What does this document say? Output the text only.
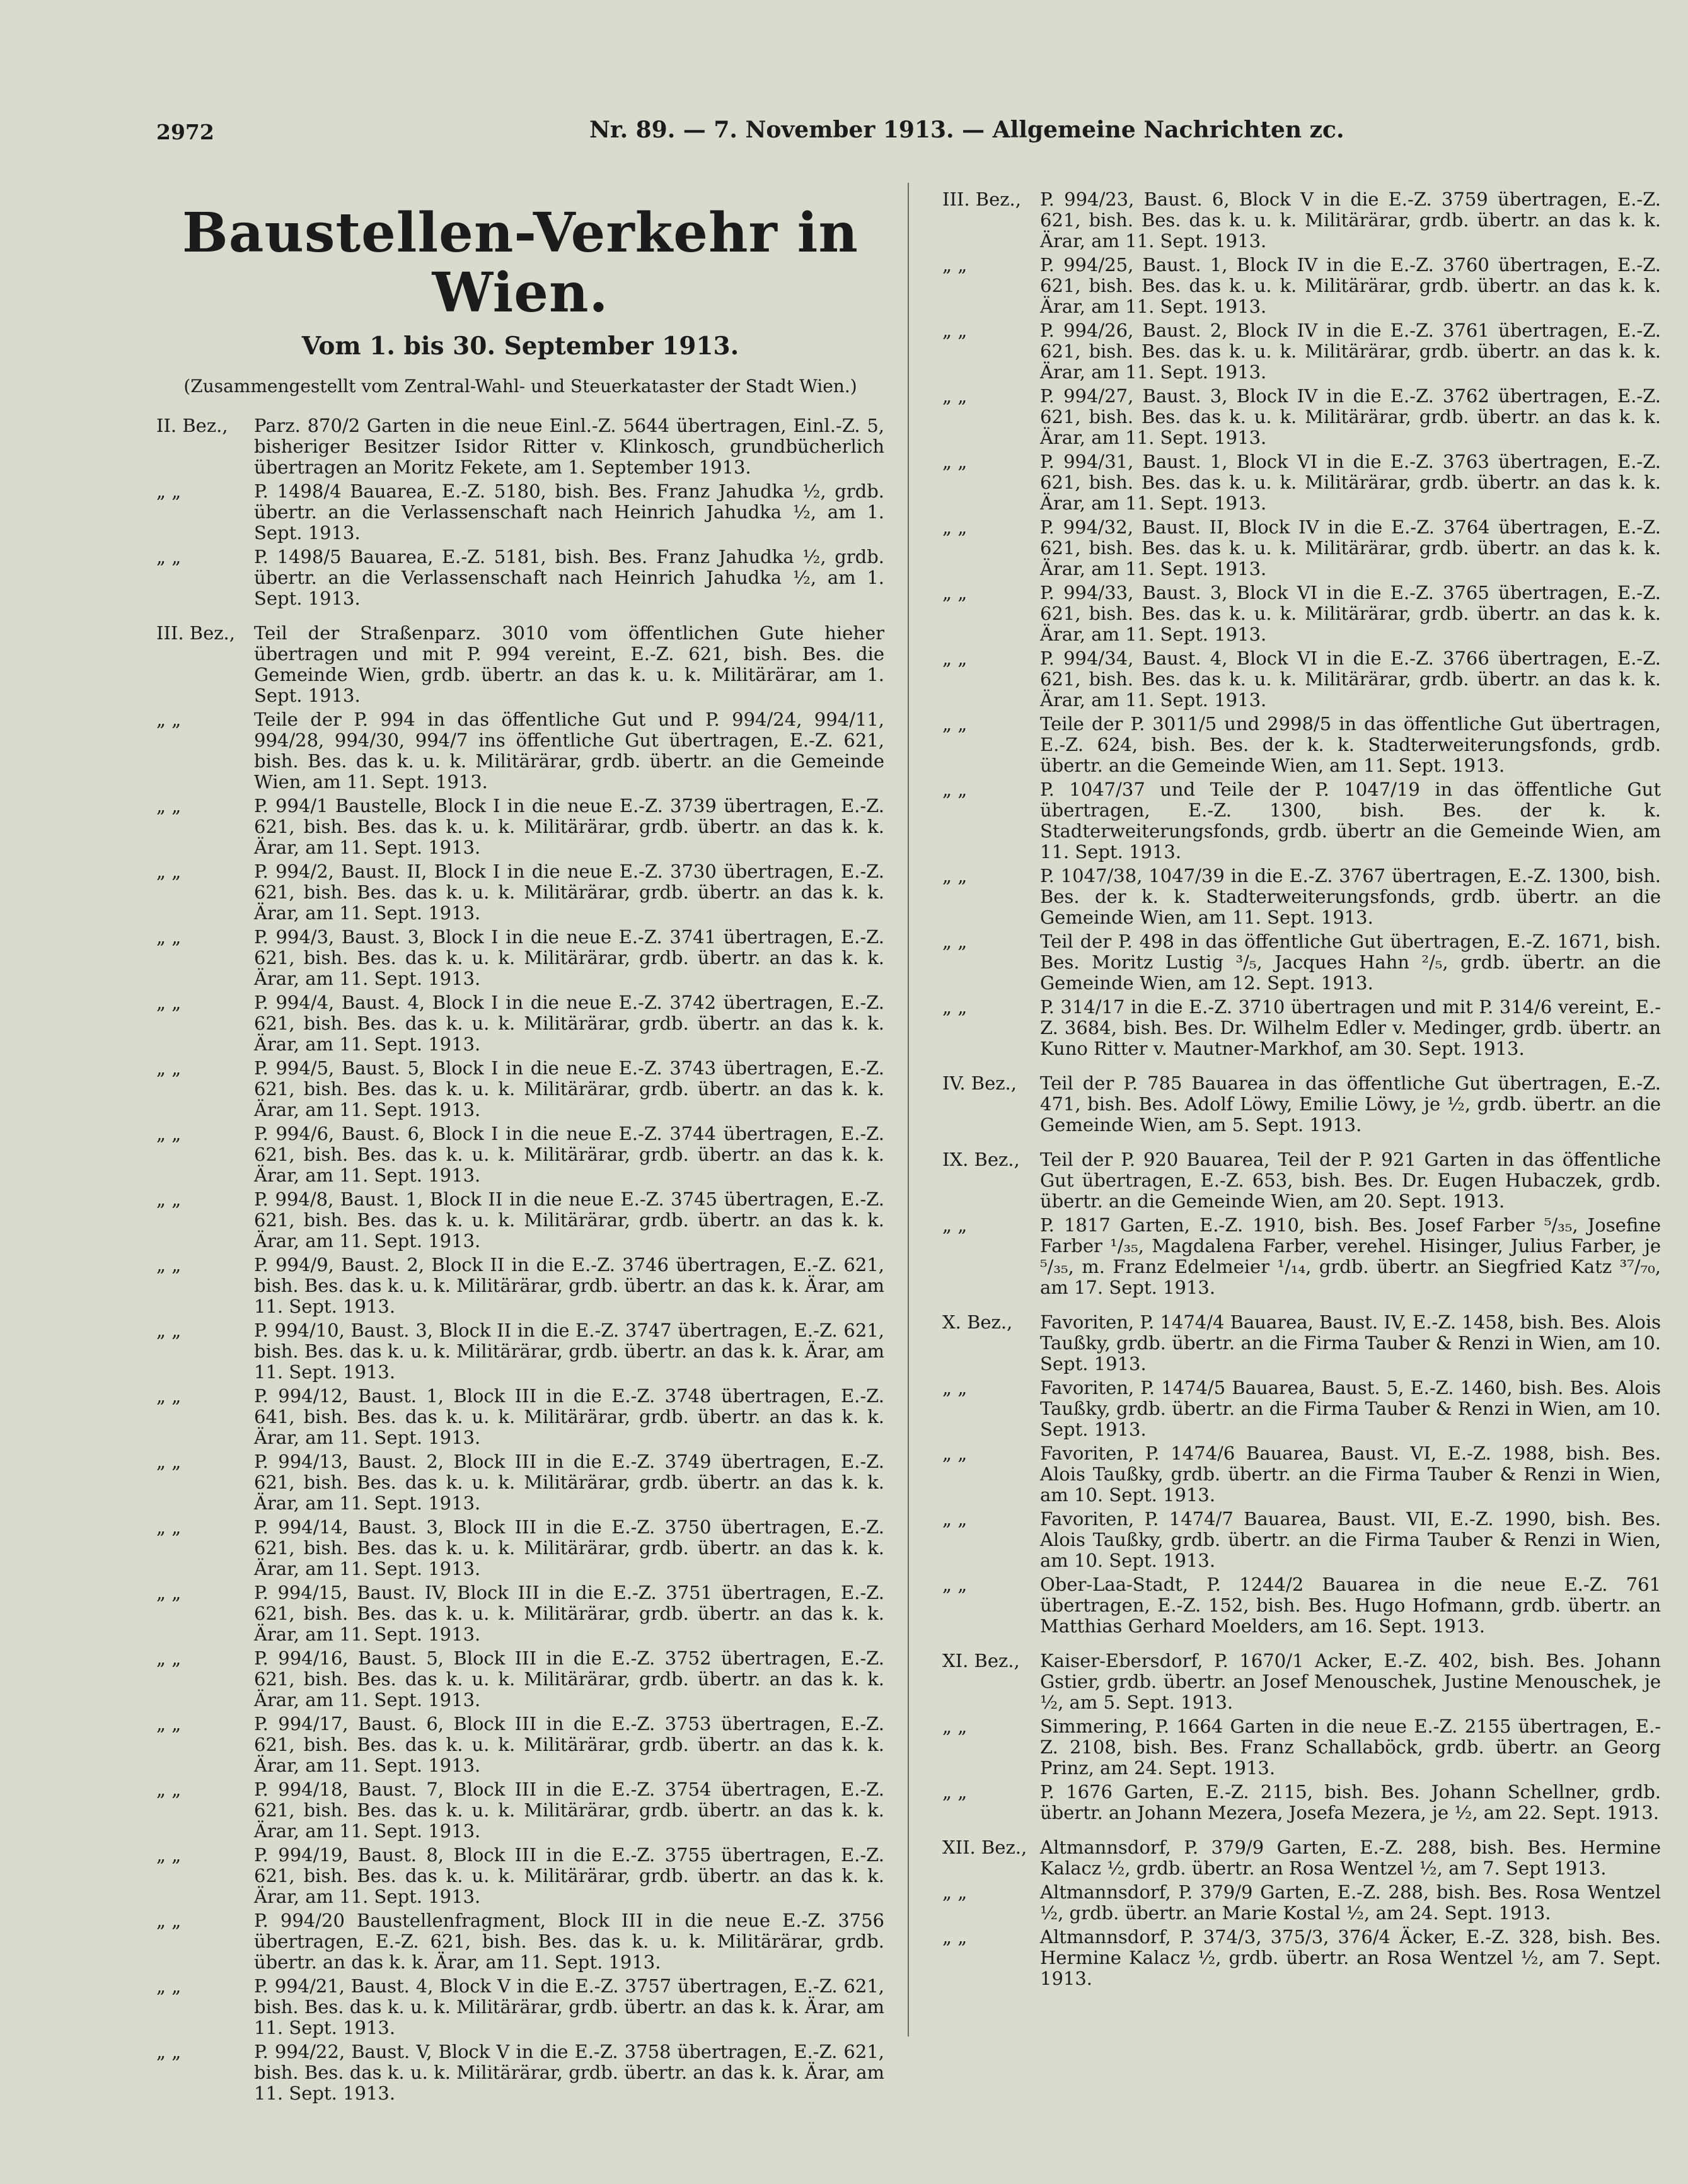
2972	Nr. 89. — 7. November 1913. — Allgemeine Nachrichten zc.
Baustellen-Verkehr in Wien.
Vom 1. bis 30. September 1913.
(Zusammengestellt vom Zentral-Wahl- und Steuerkataster der Stadt Wien.)
II. Bez.,	Parz. 870/2 Garten in die neue Einl.-Z. 5644 übertragen, Einl.-Z. 5, bisheriger Besitzer Isidor Ritter v. Klinkosch, grundbücherlich übertragen an Moritz Fekete, am 1. September 1913.
„ „	P. 1498/4 Bauarea, E.-Z. 5180, bish. Bes. Franz Jahudka ½, grdb. übertr. an die Verlassenschaft nach Heinrich Jahudka ½, am 1. Sept. 1913.
„ „	P. 1498/5 Bauarea, E.-Z. 5181, bish. Bes. Franz Jahudka ½, grdb. übertr. an die Verlassenschaft nach Heinrich Jahudka ½, am 1. Sept. 1913.
III. Bez.,	Teil der Straßenparz. 3010 vom öffentlichen Gute hieher übertragen und mit P. 994 vereint, E.-Z. 621, bish. Bes. die Gemeinde Wien, grdb. übertr. an das k. u. k. Militärärar, am 1. Sept. 1913.
„ „	Teile der P. 994 in das öffentliche Gut und P. 994/24, 994/11, 994/28, 994/30, 994/7 ins öffentliche Gut übertragen, E.-Z. 621, bish. Bes. das k. u. k. Militärärar, grdb. übertr. an die Gemeinde Wien, am 11. Sept. 1913.
„ „	P. 994/1 Baustelle, Block I in die neue E.-Z. 3739 übertragen, E.-Z. 621, bish. Bes. das k. u. k. Militärärar, grdb. übertr. an das k. k. Ärar, am 11. Sept. 1913.
„ „	P. 994/2, Baust. II, Block I in die neue E.-Z. 3730 übertragen, E.-Z. 621, bish. Bes. das k. u. k. Militärärar, grdb. übertr. an das k. k. Ärar, am 11. Sept. 1913.
„ „	P. 994/3, Baust. 3, Block I in die neue E.-Z. 3741 übertragen, E.-Z. 621, bish. Bes. das k. u. k. Militärärar, grdb. übertr. an das k. k. Ärar, am 11. Sept. 1913.
„ „	P. 994/4, Baust. 4, Block I in die neue E.-Z. 3742 übertragen, E.-Z. 621, bish. Bes. das k. u. k. Militärärar, grdb. übertr. an das k. k. Ärar, am 11. Sept. 1913.
„ „	P. 994/5, Baust. 5, Block I in die neue E.-Z. 3743 übertragen, E.-Z. 621, bish. Bes. das k. u. k. Militärärar, grdb. übertr. an das k. k. Ärar, am 11. Sept. 1913.
„ „	P. 994/6, Baust. 6, Block I in die neue E.-Z. 3744 übertragen, E.-Z. 621, bish. Bes. das k. u. k. Militärärar, grdb. übertr. an das k. k. Ärar, am 11. Sept. 1913.
„ „	P. 994/8, Baust. 1, Block II in die neue E.-Z. 3745 übertragen, E.-Z. 621, bish. Bes. das k. u. k. Militärärar, grdb. übertr. an das k. k. Ärar, am 11. Sept. 1913.
„ „	P. 994/9, Baust. 2, Block II in die E.-Z. 3746 übertragen, E.-Z. 621, bish. Bes. das k. u. k. Militärärar, grdb. übertr. an das k. k. Ärar, am 11. Sept. 1913.
„ „	P. 994/10, Baust. 3, Block II in die E.-Z. 3747 übertragen, E.-Z. 621, bish. Bes. das k. u. k. Militärärar, grdb. übertr. an das k. k. Ärar, am 11. Sept. 1913.
„ „	P. 994/12, Baust. 1, Block III in die E.-Z. 3748 übertragen, E.-Z. 641, bish. Bes. das k. u. k. Militärärar, grdb. übertr. an das k. k. Ärar, am 11. Sept. 1913.
„ „	P. 994/13, Baust. 2, Block III in die E.-Z. 3749 übertragen, E.-Z. 621, bish. Bes. das k. u. k. Militärärar, grdb. übertr. an das k. k. Ärar, am 11. Sept. 1913.
„ „	P. 994/14, Baust. 3, Block III in die E.-Z. 3750 übertragen, E.-Z. 621, bish. Bes. das k. u. k. Militärärar, grdb. übertr. an das k. k. Ärar, am 11. Sept. 1913.
„ „	P. 994/15, Baust. IV, Block III in die E.-Z. 3751 übertragen, E.-Z. 621, bish. Bes. das k. u. k. Militärärar, grdb. übertr. an das k. k. Ärar, am 11. Sept. 1913.
„ „	P. 994/16, Baust. 5, Block III in die E.-Z. 3752 übertragen, E.-Z. 621, bish. Bes. das k. u. k. Militärärar, grdb. übertr. an das k. k. Ärar, am 11. Sept. 1913.
„ „	P. 994/17, Baust. 6, Block III in die E.-Z. 3753 übertragen, E.-Z. 621, bish. Bes. das k. u. k. Militärärar, grdb. übertr. an das k. k. Ärar, am 11. Sept. 1913.
„ „	P. 994/18, Baust. 7, Block III in die E.-Z. 3754 übertragen, E.-Z. 621, bish. Bes. das k. u. k. Militärärar, grdb. übertr. an das k. k. Ärar, am 11. Sept. 1913.
„ „	P. 994/19, Baust. 8, Block III in die E.-Z. 3755 übertragen, E.-Z. 621, bish. Bes. das k. u. k. Militärärar, grdb. übertr. an das k. k. Ärar, am 11. Sept. 1913.
„ „	P. 994/20 Baustellenfragment, Block III in die neue E.-Z. 3756 übertragen, E.-Z. 621, bish. Bes. das k. u. k. Militärärar, grdb. übertr. an das k. k. Ärar, am 11. Sept. 1913.
„ „	P. 994/21, Baust. 4, Block V in die E.-Z. 3757 übertragen, E.-Z. 621, bish. Bes. das k. u. k. Militärärar, grdb. übertr. an das k. k. Ärar, am 11. Sept. 1913.
„ „	P. 994/22, Baust. V, Block V in die E.-Z. 3758 übertragen, E.-Z. 621, bish. Bes. das k. u. k. Militärärar, grdb. übertr. an das k. k. Ärar, am 11. Sept. 1913.
III. Bez.,	P. 994/23, Baust. 6, Block V in die E.-Z. 3759 übertragen, E.-Z. 621, bish. Bes. das k. u. k. Militärärar, grdb. übertr. an das k. k. Ärar, am 11. Sept. 1913.
„ „	P. 994/25, Baust. 1, Block IV in die E.-Z. 3760 übertragen, E.-Z. 621, bish. Bes. das k. u. k. Militärärar, grdb. übertr. an das k. k. Ärar, am 11. Sept. 1913.
„ „	P. 994/26, Baust. 2, Block IV in die E.-Z. 3761 übertragen, E.-Z. 621, bish. Bes. das k. u. k. Militärärar, grdb. übertr. an das k. k. Ärar, am 11. Sept. 1913.
„ „	P. 994/27, Baust. 3, Block IV in die E.-Z. 3762 übertragen, E.-Z. 621, bish. Bes. das k. u. k. Militärärar, grdb. übertr. an das k. k. Ärar, am 11. Sept. 1913.
„ „	P. 994/31, Baust. 1, Block VI in die E.-Z. 3763 übertragen, E.-Z. 621, bish. Bes. das k. u. k. Militärärar, grdb. übertr. an das k. k. Ärar, am 11. Sept. 1913.
„ „	P. 994/32, Baust. II, Block IV in die E.-Z. 3764 übertragen, E.-Z. 621, bish. Bes. das k. u. k. Militärärar, grdb. übertr. an das k. k. Ärar, am 11. Sept. 1913.
„ „	P. 994/33, Baust. 3, Block VI in die E.-Z. 3765 übertragen, E.-Z. 621, bish. Bes. das k. u. k. Militärärar, grdb. übertr. an das k. k. Ärar, am 11. Sept. 1913.
„ „	P. 994/34, Baust. 4, Block VI in die E.-Z. 3766 übertragen, E.-Z. 621, bish. Bes. das k. u. k. Militärärar, grdb. übertr. an das k. k. Ärar, am 11. Sept. 1913.
„ „	Teile der P. 3011/5 und 2998/5 in das öffentliche Gut übertragen, E.-Z. 624, bish. Bes. der k. k. Stadterweiterungsfonds, grdb. übertr. an die Gemeinde Wien, am 11. Sept. 1913.
„ „	P. 1047/37 und Teile der P. 1047/19 in das öffentliche Gut übertragen, E.-Z. 1300, bish. Bes. der k. k. Stadterweiterungsfonds, grdb. übertr an die Gemeinde Wien, am 11. Sept. 1913.
„ „	P. 1047/38, 1047/39 in die E.-Z. 3767 übertragen, E.-Z. 1300, bish. Bes. der k. k. Stadterweiterungsfonds, grdb. übertr. an die Gemeinde Wien, am 11. Sept. 1913.
„ „	Teil der P. 498 in das öffentliche Gut übertragen, E.-Z. 1671, bish. Bes. Moritz Lustig ³/₅, Jacques Hahn ²/₅, grdb. übertr. an die Gemeinde Wien, am 12. Sept. 1913.
„ „	P. 314/17 in die E.-Z. 3710 übertragen und mit P. 314/6 vereint, E.-Z. 3684, bish. Bes. Dr. Wilhelm Edler v. Medinger, grdb. übertr. an Kuno Ritter v. Mautner-Markhof, am 30. Sept. 1913.
IV. Bez.,	Teil der P. 785 Bauarea in das öffentliche Gut übertragen, E.-Z. 471, bish. Bes. Adolf Löwy, Emilie Löwy, je ½, grdb. übertr. an die Gemeinde Wien, am 5. Sept. 1913.
IX. Bez.,	Teil der P. 920 Bauarea, Teil der P. 921 Garten in das öffentliche Gut übertragen, E.-Z. 653, bish. Bes. Dr. Eugen Hubaczek, grdb. übertr. an die Gemeinde Wien, am 20. Sept. 1913.
„ „	P. 1817 Garten, E.-Z. 1910, bish. Bes. Josef Farber ⁵/₃₅, Josefine Farber ¹/₃₅, Magdalena Farber, verehel. Hisinger, Julius Farber, je ⁵/₃₅, m. Franz Edelmeier ¹/₁₄, grdb. übertr. an Siegfried Katz ³⁷/₇₀, am 17. Sept. 1913.
X. Bez.,	Favoriten, P. 1474/4 Bauarea, Baust. IV, E.-Z. 1458, bish. Bes. Alois Taußky, grdb. übertr. an die Firma Tauber & Renzi in Wien, am 10. Sept. 1913.
„ „	Favoriten, P. 1474/5 Bauarea, Baust. 5, E.-Z. 1460, bish. Bes. Alois Taußky, grdb. übertr. an die Firma Tauber & Renzi in Wien, am 10. Sept. 1913.
„ „	Favoriten, P. 1474/6 Bauarea, Baust. VI, E.-Z. 1988, bish. Bes. Alois Taußky, grdb. übertr. an die Firma Tauber & Renzi in Wien, am 10. Sept. 1913.
„ „	Favoriten, P. 1474/7 Bauarea, Baust. VII, E.-Z. 1990, bish. Bes. Alois Taußky, grdb. übertr. an die Firma Tauber & Renzi in Wien, am 10. Sept. 1913.
„ „	Ober-Laa-Stadt, P. 1244/2 Bauarea in die neue E.-Z. 761 übertragen, E.-Z. 152, bish. Bes. Hugo Hofmann, grdb. übertr. an Matthias Gerhard Moelders, am 16. Sept. 1913.
XI. Bez.,	Kaiser-Ebersdorf, P. 1670/1 Acker, E.-Z. 402, bish. Bes. Johann Gstier, grdb. übertr. an Josef Menouschek, Justine Menouschek, je ½, am 5. Sept. 1913.
„ „	Simmering, P. 1664 Garten in die neue E.-Z. 2155 übertragen, E.-Z. 2108, bish. Bes. Franz Schallaböck, grdb. übertr. an Georg Prinz, am 24. Sept. 1913.
„ „	P. 1676 Garten, E.-Z. 2115, bish. Bes. Johann Schellner, grdb. übertr. an Johann Mezera, Josefa Mezera, je ½, am 22. Sept. 1913.
XII. Bez., Altmannsdorf, P. 379/9 Garten, E.-Z. 288, bish. Bes. Hermine Kalacz ½, grdb. übertr. an Rosa Wentzel ½, am 7. Sept 1913.
„ „	Altmannsdorf, P. 379/9 Garten, E.-Z. 288, bish. Bes. Rosa Wentzel ½, grdb. übertr. an Marie Kostal ½, am 24. Sept. 1913.
„ „	Altmannsdorf, P. 374/3, 375/3, 376/4 Äcker, E.-Z. 328, bish. Bes. Hermine Kalacz ½, grdb. übertr. an Rosa Wentzel ½, am 7. Sept. 1913.
